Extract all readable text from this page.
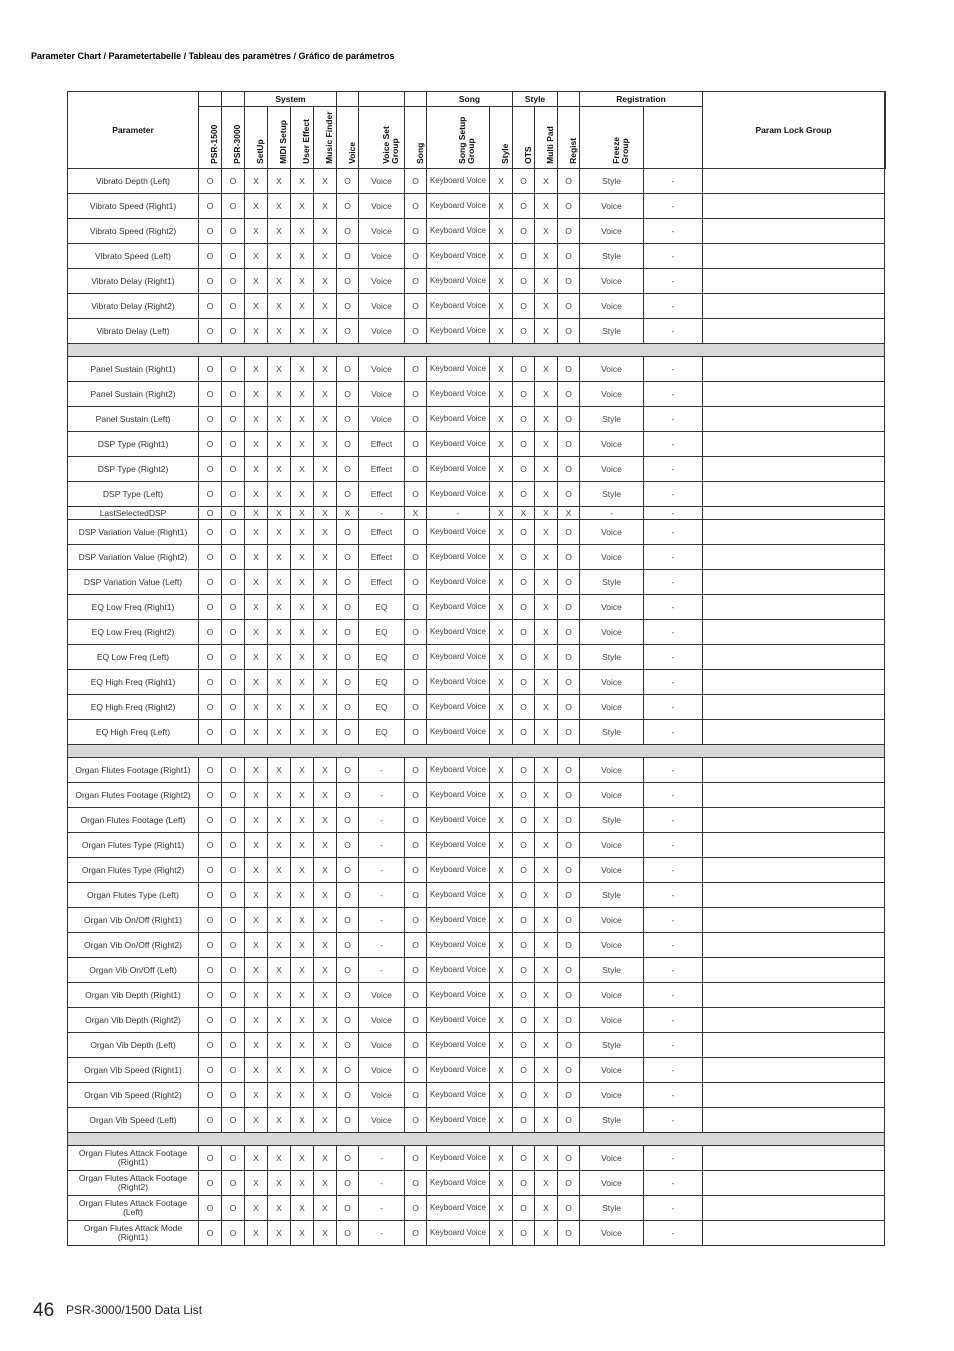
Parameter Chart / Parametertabelle / Tableau des paramètres / Gráfico de parámetros
Parameter			System							Song		Style			Registration		Param Lock Group	

	PSR-1500	PSR-3000	SetUp	MIDI Setup	User Effect	Music Finder	Voice	Voice Set Group	Song	Song Setup Group	Style	OTS	Multi Pad	Regist	Freeze Group			

Vibrato Depth (Left)	O	O	X	X	X	X	O	Voice	O	Keyboard Voice	X	O	X	O	Style	-		
Vibrato Speed (Right1)	O	O	X	X	X	X	O	Voice	O	Keyboard Voice	X	O	X	O	Voice	-		
Vibrato Speed (Right2)	O	O	X	X	X	X	O	Voice	O	Keyboard Voice	X	O	X	O	Voice	-		
Vibrato Speed (Left)	O	O	X	X	X	X	O	Voice	O	Keyboard Voice	X	O	X	O	Style	-		
Vibrato Delay (Right1)	O	O	X	X	X	X	O	Voice	O	Keyboard Voice	X	O	X	O	Voice	-		
Vibrato Delay (Right2)	O	O	X	X	X	X	O	Voice	O	Keyboard Voice	X	O	X	O	Voice	-		
Vibrato Delay (Left)	O	O	X	X	X	X	O	Voice	O	Keyboard Voice	X	O	X	O	Style	-		

Panel Sustain (Right1)	O	O	X	X	X	X	O	Voice	O	Keyboard Voice	X	O	X	O	Voice	-		
Panel Sustain (Right2)	O	O	X	X	X	X	O	Voice	O	Keyboard Voice	X	O	X	O	Voice	-		
Panel Sustain (Left)	O	O	X	X	X	X	O	Voice	O	Keyboard Voice	X	O	X	O	Style	-		
DSP Type (Right1)	O	O	X	X	X	X	O	Effect	O	Keyboard Voice	X	O	X	O	Voice	-		
DSP Type (Right2)	O	O	X	X	X	X	O	Effect	O	Keyboard Voice	X	O	X	O	Voice	-		
DSP Type (Left)	O	O	X	X	X	X	O	Effect	O	Keyboard Voice	X	O	X	O	Style	-		
LastSelectedDSP	O	O	X	X	X	X	X	-	X	-	X	X	X	X	-	-		
DSP Variation Value (Right1)	O	O	X	X	X	X	O	Effect	O	Keyboard Voice	X	O	X	O	Voice	-		
DSP Variation Value (Right2)	O	O	X	X	X	X	O	Effect	O	Keyboard Voice	X	O	X	O	Voice	-		
DSP Variation Value (Left)	O	O	X	X	X	X	O	Effect	O	Keyboard Voice	X	O	X	O	Style	-		
EQ Low Freq (Right1)	O	O	X	X	X	X	O	EQ	O	Keyboard Voice	X	O	X	O	Voice	-		
EQ Low Freq (Right2)	O	O	X	X	X	X	O	EQ	O	Keyboard Voice	X	O	X	O	Voice	-		
EQ Low Freq (Left)	O	O	X	X	X	X	O	EQ	O	Keyboard Voice	X	O	X	O	Style	-		
EQ High Freq (Right1)	O	O	X	X	X	X	O	EQ	O	Keyboard Voice	X	O	X	O	Voice	-		
EQ High Freq (Right2)	O	O	X	X	X	X	O	EQ	O	Keyboard Voice	X	O	X	O	Voice	-		
EQ High Freq (Left)	O	O	X	X	X	X	O	EQ	O	Keyboard Voice	X	O	X	O	Style	-		

Organ Flutes Footage (Right1)	O	O	X	X	X	X	O	-	O	Keyboard Voice	X	O	X	O	Voice	-		
Organ Flutes Footage (Right2)	O	O	X	X	X	X	O	-	O	Keyboard Voice	X	O	X	O	Voice	-		
Organ Flutes Footage (Left)	O	O	X	X	X	X	O	-	O	Keyboard Voice	X	O	X	O	Style	-		
Organ Flutes Type (Right1)	O	O	X	X	X	X	O	-	O	Keyboard Voice	X	O	X	O	Voice	-		
Organ Flutes Type (Right2)	O	O	X	X	X	X	O	-	O	Keyboard Voice	X	O	X	O	Voice	-		
Organ Flutes Type (Left)	O	O	X	X	X	X	O	-	O	Keyboard Voice	X	O	X	O	Style	-		
Organ Vib On/Off (Right1)	O	O	X	X	X	X	O	-	O	Keyboard Voice	X	O	X	O	Voice	-		
Organ Vib On/Off (Right2)	O	O	X	X	X	X	O	-	O	Keyboard Voice	X	O	X	O	Voice	-		
Organ Vib On/Off (Left)	O	O	X	X	X	X	O	-	O	Keyboard Voice	X	O	X	O	Style	-		
Organ Vib Depth (Right1)	O	O	X	X	X	X	O	Voice	O	Keyboard Voice	X	O	X	O	Voice	-		
Organ Vib Depth (Right2)	O	O	X	X	X	X	O	Voice	O	Keyboard Voice	X	O	X	O	Voice	-		
Organ Vib Depth (Left)	O	O	X	X	X	X	O	Voice	O	Keyboard Voice	X	O	X	O	Style	-		
Organ Vib Speed (Right1)	O	O	X	X	X	X	O	Voice	O	Keyboard Voice	X	O	X	O	Voice	-		
Organ Vib Speed (Right2)	O	O	X	X	X	X	O	Voice	O	Keyboard Voice	X	O	X	O	Voice	-		
Organ Vib Speed (Left)	O	O	X	X	X	X	O	Voice	O	Keyboard Voice	X	O	X	O	Style	-		

Organ Flutes Attack Footage (Right1)	O	O	X	X	X	X	O	-	O	Keyboard Voice	X	O	X	O	Voice	-		
Organ Flutes Attack Footage (Right2)	O	O	X	X	X	X	O	-	O	Keyboard Voice	X	O	X	O	Voice	-		
Organ Flutes Attack Footage (Left)	O	O	X	X	X	X	O	-	O	Keyboard Voice	X	O	X	O	Style	-		
Organ Flutes Attack Mode (Right1)	O	O	X	X	X	X	O	-	O	Keyboard Voice	X	O	X	O	Voice	-		
46 PSR-3000/1500 Data List
